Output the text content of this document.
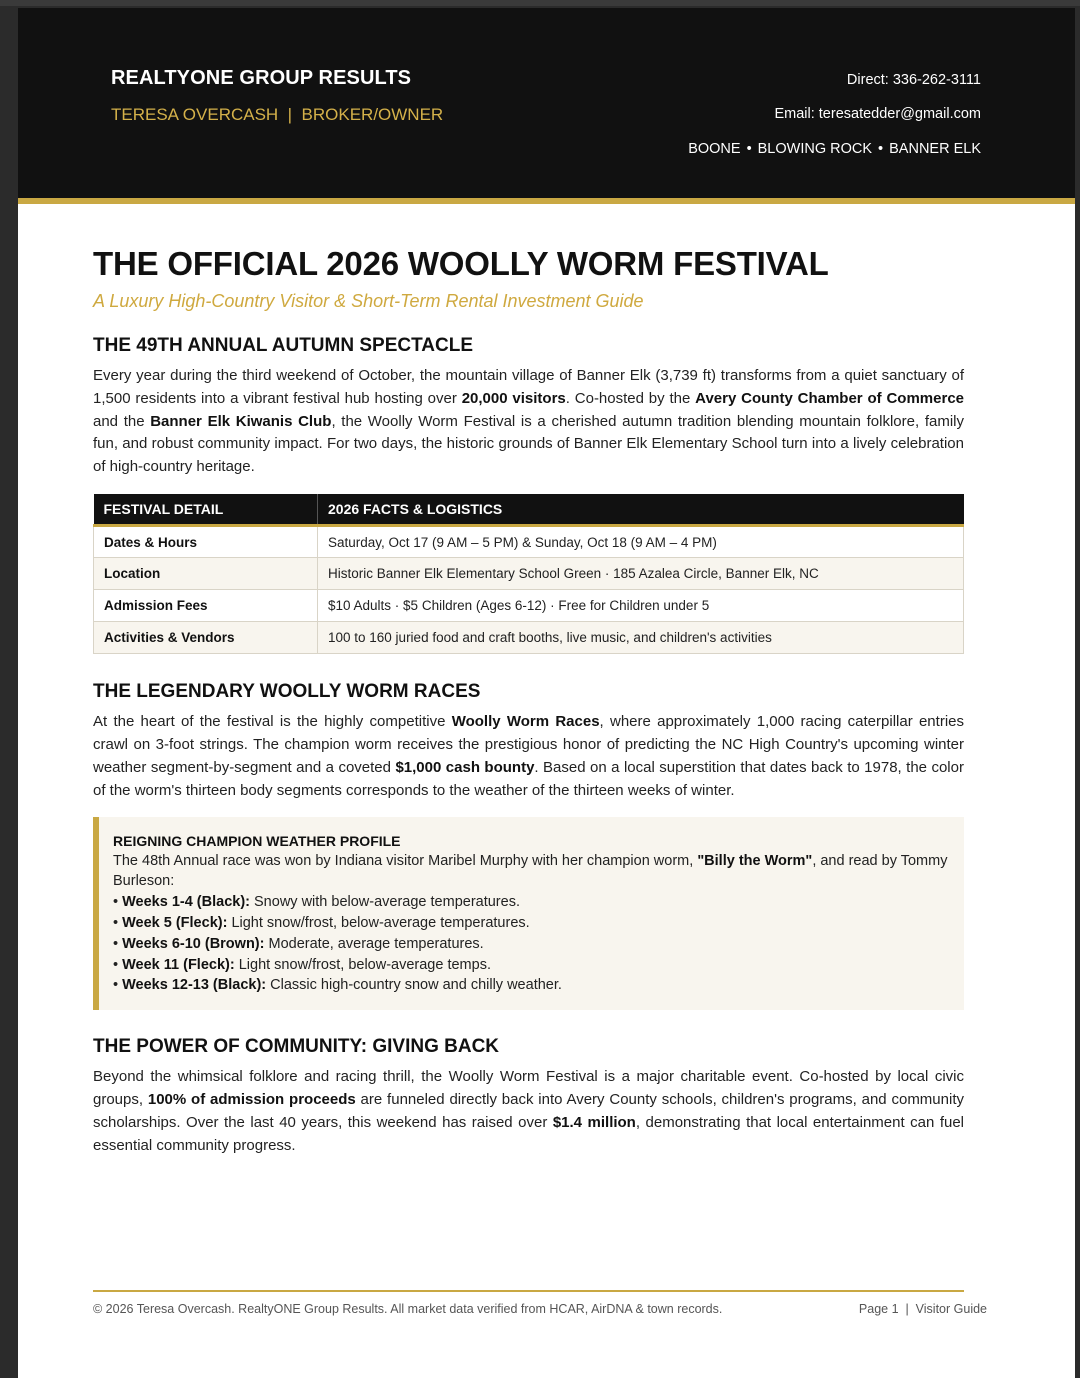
REALTYONE GROUP RESULTS
TERESA OVERCASH  |  BROKER/OWNER
Direct: 336-262-3111
Email: teresatedder@gmail.com
BOONE • BLOWING ROCK • BANNER ELK
THE OFFICIAL 2026 WOOLLY WORM FESTIVAL
A Luxury High-Country Visitor & Short-Term Rental Investment Guide
THE 49TH ANNUAL AUTUMN SPECTACLE

Every year during the third weekend of October, the mountain village of Banner Elk (3,739 ft) transforms from a quiet sanctuary of 1,500 residents into a vibrant festival hub hosting over 20,000 visitors. Co-hosted by the Avery County Chamber of Commerce and the Banner Elk Kiwanis Club, the Woolly Worm Festival is a cherished autumn tradition blending mountain folklore, family fun, and robust community impact. For two days, the historic grounds of Banner Elk Elementary School turn into a lively celebration of high-country heritage.

FESTIVAL DETAIL	2026 FACTS & LOGISTICS
Dates & Hours	Saturday, Oct 17 (9 AM – 5 PM) & Sunday, Oct 18 (9 AM – 4 PM)
Location	Historic Banner Elk Elementary School Green · 185 Azalea Circle, Banner Elk, NC
Admission Fees	$10 Adults · $5 Children (Ages 6-12) · Free for Children under 5
Activities & Vendors	100 to 160 juried food and craft booths, live music, and children's activities
THE LEGENDARY WOOLLY WORM RACES

At the heart of the festival is the highly competitive Woolly Worm Races, where approximately 1,000 racing caterpillar entries crawl on 3-foot strings. The champion worm receives the prestigious honor of predicting the NC High Country's upcoming winter weather segment-by-segment and a coveted $1,000 cash bounty. Based on a local superstition that dates back to 1978, the color of the worm's thirteen body segments corresponds to the weather of the thirteen weeks of winter.

REIGNING CHAMPION WEATHER PROFILE
The 48th Annual race was won by Indiana visitor Maribel Murphy with her champion worm, "Billy the Worm", and read by Tommy Burleson:
• Weeks 1-4 (Black): Snowy with below-average temperatures.
• Week 5 (Fleck): Light snow/frost, below-average temperatures.
• Weeks 6-10 (Brown): Moderate, average temperatures.
• Week 11 (Fleck): Light snow/frost, below-average temps.
• Weeks 12-13 (Black): Classic high-country snow and chilly weather.
THE POWER OF COMMUNITY: GIVING BACK

Beyond the whimsical folklore and racing thrill, the Woolly Worm Festival is a major charitable event. Co-hosted by local civic groups, 100% of admission proceeds are funneled directly back into Avery County schools, children's programs, and community scholarships. Over the last 40 years, this weekend has raised over $1.4 million, demonstrating that local entertainment can fuel essential community progress.

© 2026 Teresa Overcash. RealtyONE Group Results. All market data verified from HCAR, AirDNA & town records.	Page 1  |  Visitor Guide
